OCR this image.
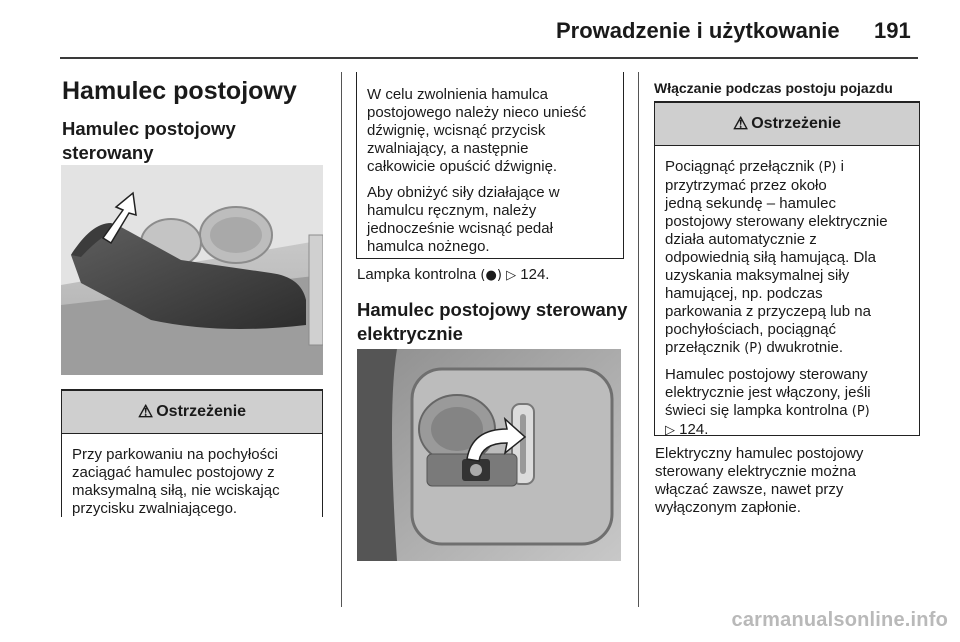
Prowadzenie i użytkowanie 191
Hamulec postojowy
Hamulec postojowy sterowany
⚠ Ostrzeżenie
Przy parkowaniu na pochyłości
zaciągać hamulec postojowy z
maksymalną siłą, nie wciskając
przycisku zwalniającego.
W celu zwolnienia hamulca
postojowego należy nieco unieść
dźwignię, wcisnąć przycisk
zwalniający, a następnie
całkowicie opuścić dźwignię.
Aby obniżyć siły działające w
hamulcu ręcznym, należy
jednocześnie wcisnąć pedał
hamulca nożnego.
Lampka kontrolna (●) ▷ 124.
Hamulec postojowy sterowany
elektrycznie
Włączanie podczas postoju pojazdu
⚠ Ostrzeżenie

Pociągnąć przełącznik (P) i
przytrzymać przez około
jedną sekundę – hamulec
postojowy sterowany elektrycznie
działa automatycznie z
odpowiednią siłą hamującą. Dla
uzyskania maksymalnej siły
hamującej, np. podczas
parkowania z przyczepą lub na
pochyłościach, pociągnąć
przełącznik (P) dwukrotnie.

Hamulec postojowy sterowany
elektrycznie jest włączony, jeśli
świeci się lampka kontrolna (P)
▷ 124.

Elektryczny hamulec postojowy
sterowany elektrycznie można
włączać zawsze, nawet przy
wyłączonym zapłonie.
carmanualsonline.info
